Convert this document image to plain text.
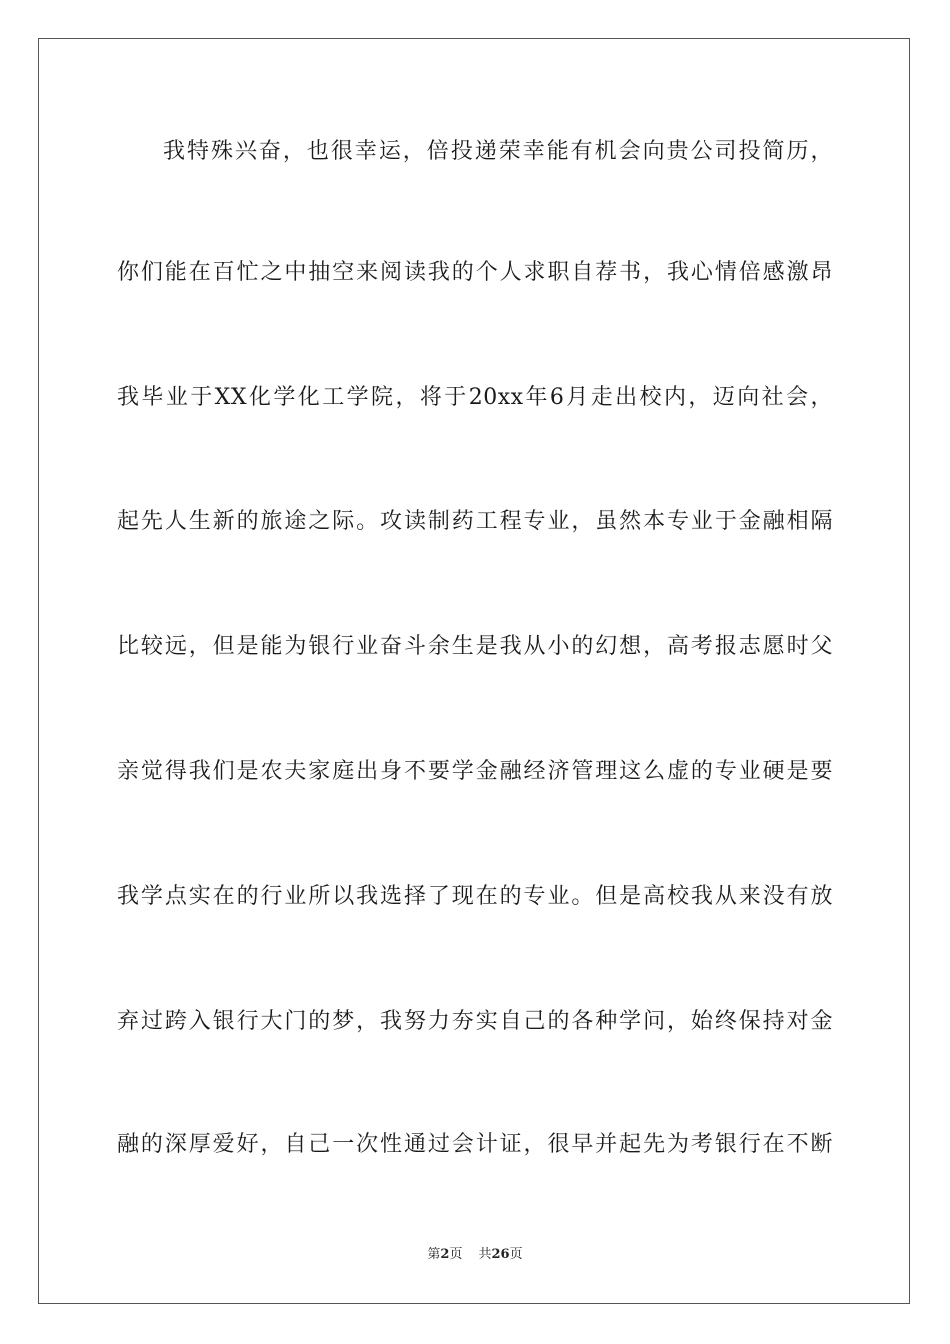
我特殊兴奋，也很幸运，倍投递荣幸能有机会向贵公司投简历，
你们能在百忙之中抽空来阅读我的个人求职自荐书，我心情倍感激昂
我毕业于XX化学化工学院，将于20xx年6月走出校内，迈向社会，
起先人生新的旅途之际。攻读制药工程专业，虽然本专业于金融相隔
比较远，但是能为银行业奋斗余生是我从小的幻想，高考报志愿时父
亲觉得我们是农夫家庭出身不要学金融经济管理这么虚的专业硬是要
我学点实在的行业所以我选择了现在的专业。但是高校我从来没有放
弃过跨入银行大门的梦，我努力夯实自己的各种学问，始终保持对金
融的深厚爱好，自己一次性通过会计证，很早并起先为考银行在不断
第2页 共26页
